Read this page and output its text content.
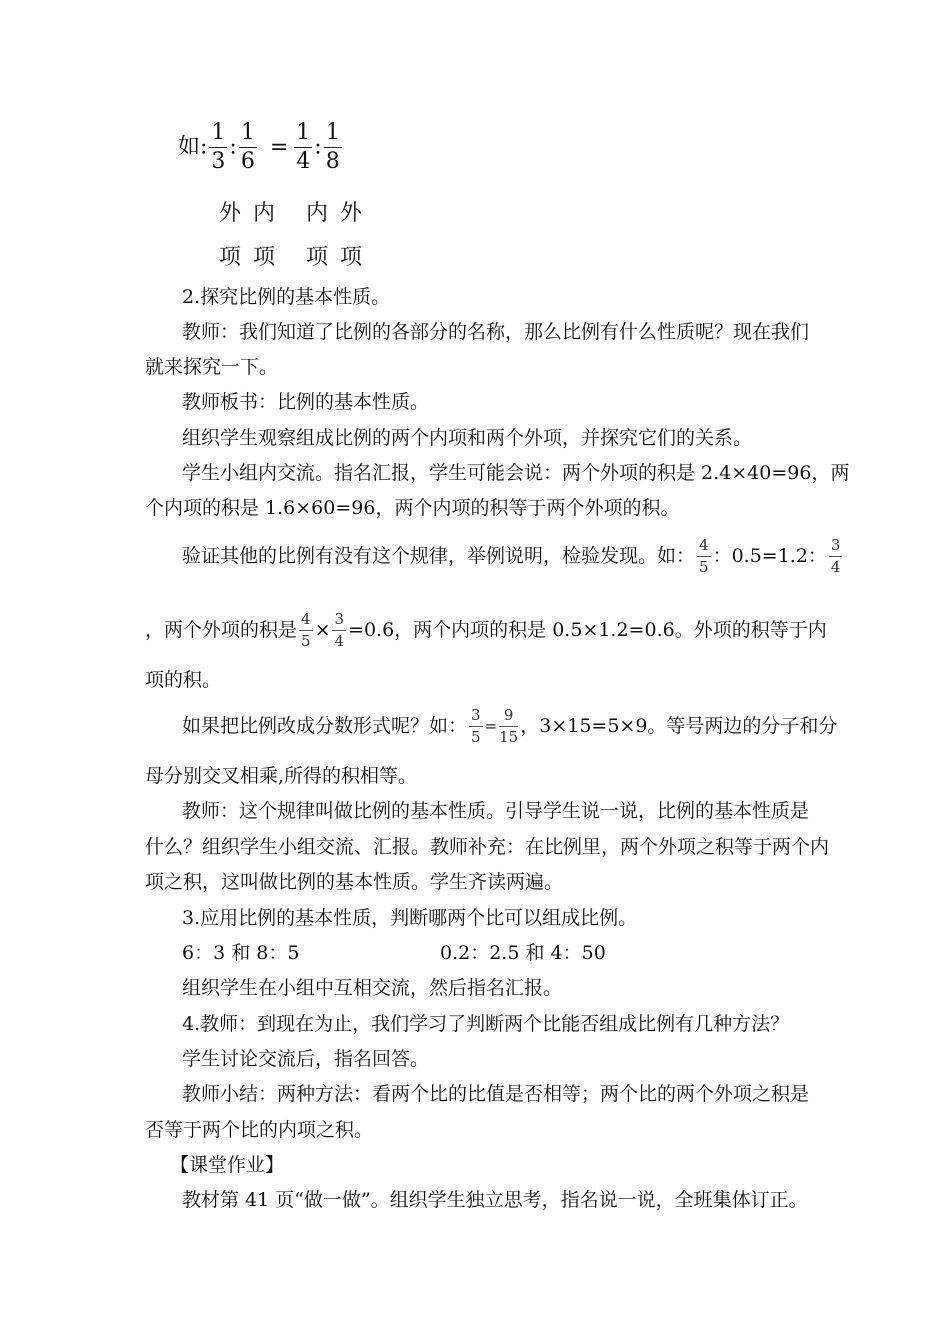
如: $\frac{1}{3}$ : $\frac{1}{6} = \frac{1}{4}$ : $\frac{1}{8}$
外 内 内 外
项 项 项 项
2.探究比例的基本性质。
教师：我们知道了比例的各部分的名称，那么比例有什么性质呢？现在我们
就来探究一下。
教师板书：比例的基本性质。
组织学生观察组成比例的两个内项和两个外项，并探究它们的关系。
学生小组内交流。指名汇报，学生可能会说：两个外项的积是 2.4×40=96，两
个内项的积是 1.6×60=96，两个内项的积等于两个外项的积。
验证其他的比例有没有这个规律，举例说明，检验发现。如： $\frac{4}{5}$ ：0.5=1.2： $\frac{3}{4}$
，两个外项的积是 $\frac{4}{5} \times \frac{3}{4} =0.6$，两个内项的积是 0.5×1.2=0.6。外项的积等于内
项的积。
如果把比例改成分数形式呢？如： $\frac{3}{5} = \frac{9}{15}$ ，3×15=5×9。等号两边的分子和分
母分别交叉相乘,所得的积相等。
教师：这个规律叫做比例的基本性质。引导学生说一说，比例的基本性质是
什么？组织学生小组交流、汇报。教师补充：在比例里，两个外项之积等于两个内
项之积，这叫做比例的基本性质。学生齐读两遍。
3.应用比例的基本性质，判断哪两个比可以组成比例。
6：3 和 8：5	0.2：2.5 和 4：50
组织学生在小组中互相交流，然后指名汇报。
4.教师：到现在为止，我们学习了判断两个比能否组成比例有几种方法？
学生讨论交流后，指名回答。
教师小结：两种方法：看两个比的比值是否相等；两个比的两个外项之积是
否等于两个比的内项之积。
【课堂作业】
教材第 41 页“做一做”。组织学生独立思考，指名说一说，全班集体订正。
